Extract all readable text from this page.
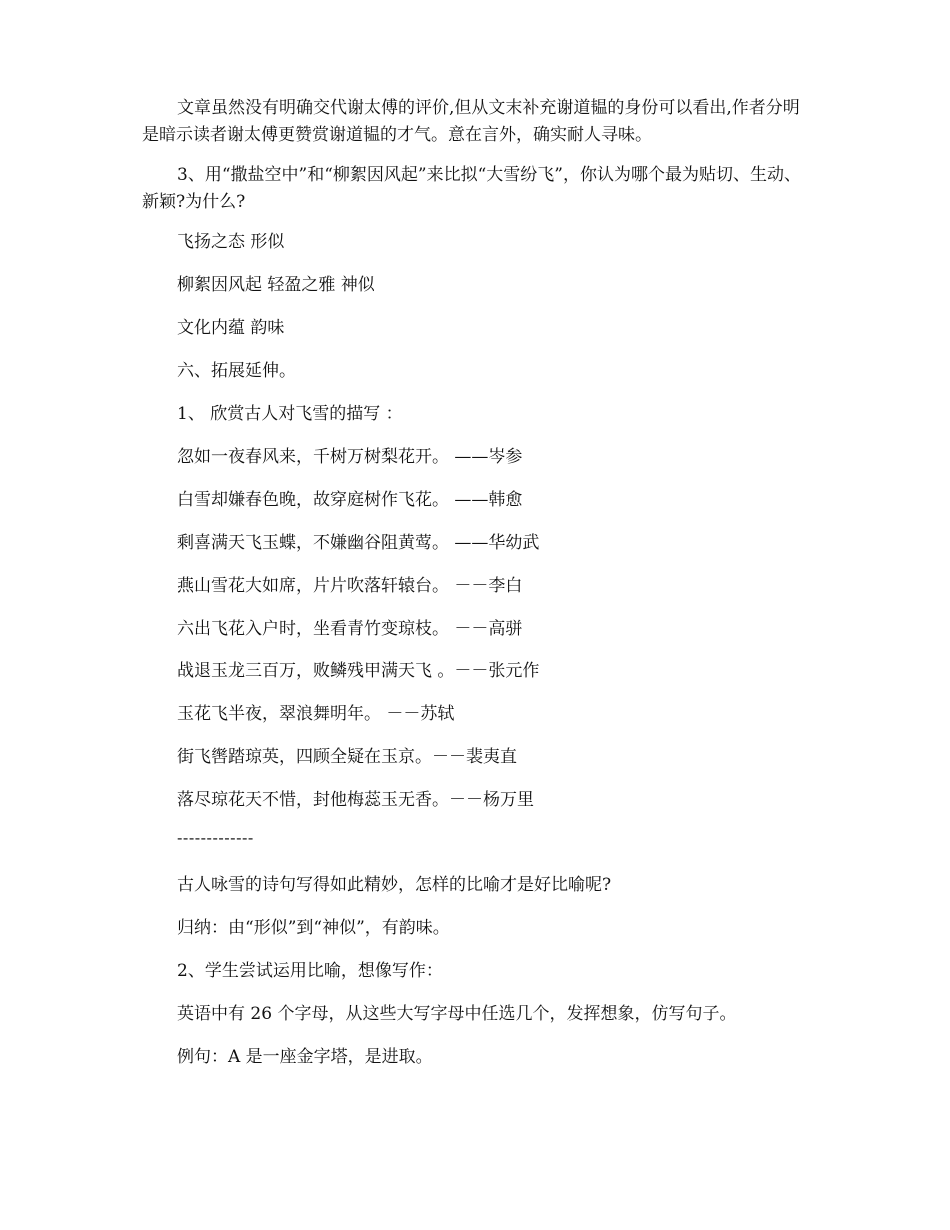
文章虽然没有明确交代谢太傅的评价,但从文末补充谢道韫的身份可以看出,作者分明是暗示读者谢太傅更赞赏谢道韫的才气。意在言外，确实耐人寻味。

3、用“撒盐空中”和“柳絮因风起”来比拟“大雪纷飞”，你认为哪个最为贴切、生动、新颖?为什么?

飞扬之态 形似
柳絮因风起 轻盈之雅 神似
文化内蕴 韵味
六、拓展延伸。
1、 欣赏古人对飞雪的描写 ：
忽如一夜春风来，千树万树梨花开。 ——岑参
白雪却嫌春色晚，故穿庭树作飞花。 ——韩愈
剩喜满天飞玉蝶，不嫌幽谷阻黄莺。 ——华幼武
燕山雪花大如席，片片吹落轩辕台。 －－李白
六出飞花入户时，坐看青竹变琼枝。 －－高骈
战退玉龙三百万，败鳞残甲满天飞 。－－张元作
玉花飞半夜，翠浪舞明年。 －－苏轼
街飞辔踏琼英，四顾全疑在玉京。－－裴夷直
落尽琼花天不惜，封他梅蕊玉无香。－－杨万里
-------------
古人咏雪的诗句写得如此精妙，怎样的比喻才是好比喻呢?
归纳：由“形似”到“神似”，有韵味。
2、学生尝试运用比喻，想像写作：
英语中有 26 个字母，从这些大写字母中任选几个，发挥想象，仿写句子。
例句：A 是一座金字塔，是进取。
